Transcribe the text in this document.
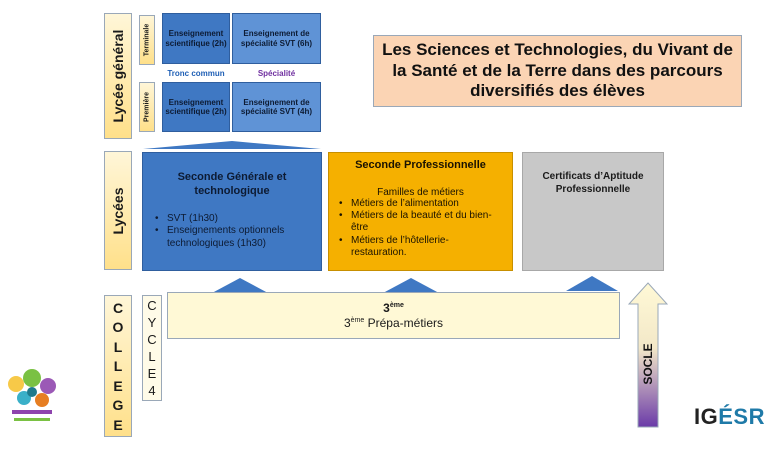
Lycée général	Terminale
Première
Enseignement scientifique (2h)
Enseignement de spécialité SVT (6h)
Tronc commun	Spécialité
Enseignement scientifique (2h)
Enseignement de spécialité SVT (4h)
Les Sciences et Technologies, du Vivant de la Santé et de la Terre dans des parcours diversifiés des élèves
Lycées
Seconde Générale et technologique
• SVT (1h30)
• Enseignements optionnels technologiques (1h30)
Seconde Professionnelle
Familles de métiers
• Métiers de l’alimentation
• Métiers de la beauté et du bien-être
• Métiers de l’hôtellerie-restauration.
Certificats d’Aptitude Professionnelle
C
O
L
L
E
G
E
C
Y
C
L
E
4
3ème
3ème Prépa-métiers
SOCLE
IGÉSR
